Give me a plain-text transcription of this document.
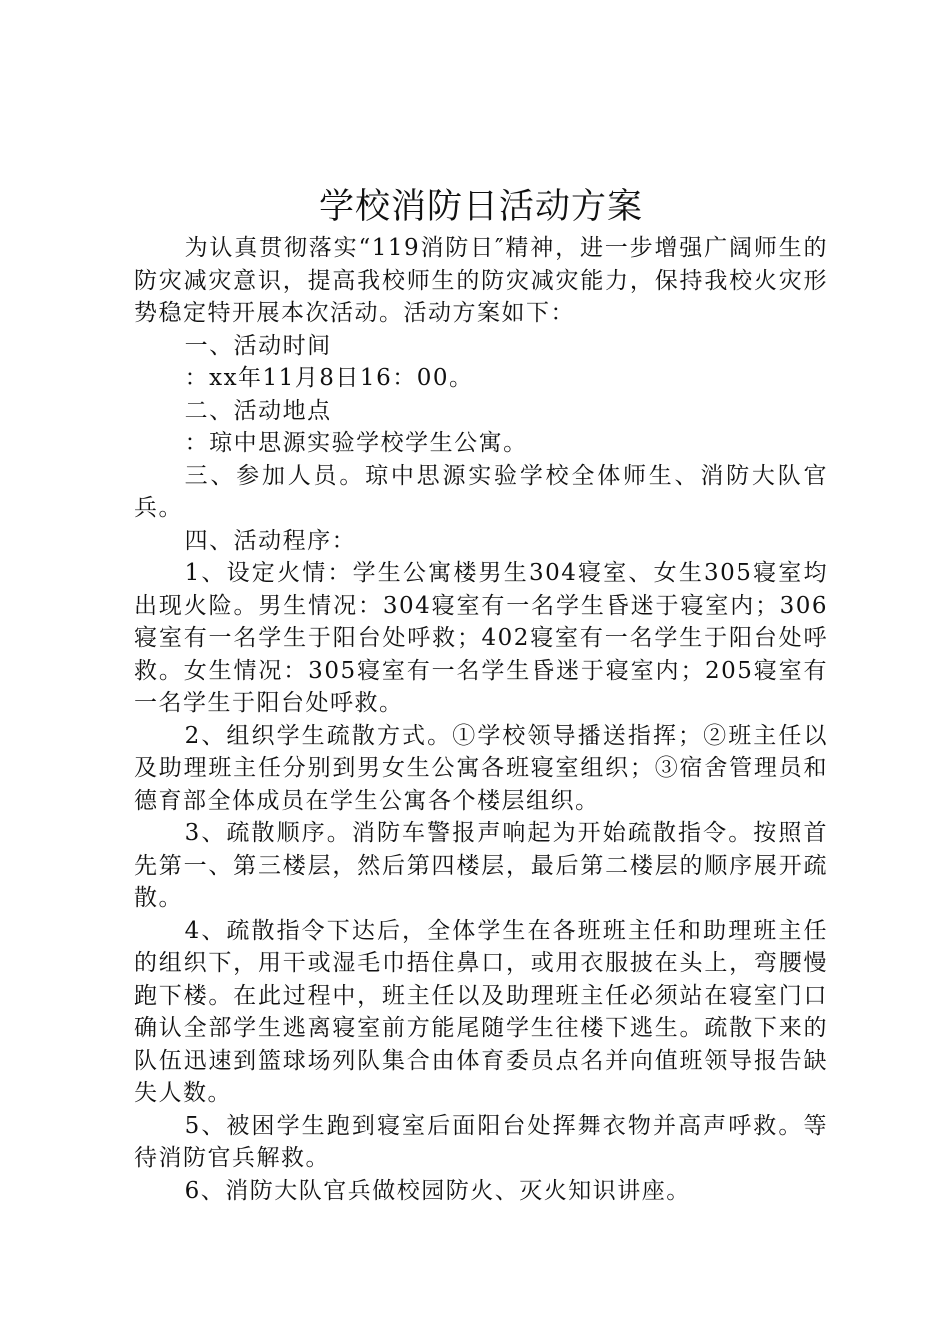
学校消防日活动方案

为认真贯彻落实“119消防日″精神，进一步增强广阔师生的防灾减灾意识，提高我校师生的防灾减灾能力，保持我校火灾形势稳定特开展本次活动。活动方案如下：

一、活动时间

：xx年11月8日16：00。

二、活动地点

：琼中思源实验学校学生公寓。

三、参加人员。琼中思源实验学校全体师生、消防大队官兵。

四、活动程序：

1、设定火情：学生公寓楼男生304寝室、女生305寝室均出现火险。男生情况：304寝室有一名学生昏迷于寝室内；306寝室有一名学生于阳台处呼救；402寝室有一名学生于阳台处呼救。女生情况：305寝室有一名学生昏迷于寝室内；205寝室有一名学生于阳台处呼救。

2、组织学生疏散方式。①学校领导播送指挥；②班主任以及助理班主任分别到男女生公寓各班寝室组织；③宿舍管理员和德育部全体成员在学生公寓各个楼层组织。

3、疏散顺序。消防车警报声响起为开始疏散指令。按照首先第一、第三楼层，然后第四楼层，最后第二楼层的顺序展开疏散。

4、疏散指令下达后，全体学生在各班班主任和助理班主任的组织下，用干或湿毛巾捂住鼻口，或用衣服披在头上，弯腰慢跑下楼。在此过程中，班主任以及助理班主任必须站在寝室门口确认全部学生逃离寝室前方能尾随学生往楼下逃生。疏散下来的队伍迅速到篮球场列队集合由体育委员点名并向值班领导报告缺失人数。

5、被困学生跑到寝室后面阳台处挥舞衣物并高声呼救。等待消防官兵解救。

6、消防大队官兵做校园防火、灭火知识讲座。
